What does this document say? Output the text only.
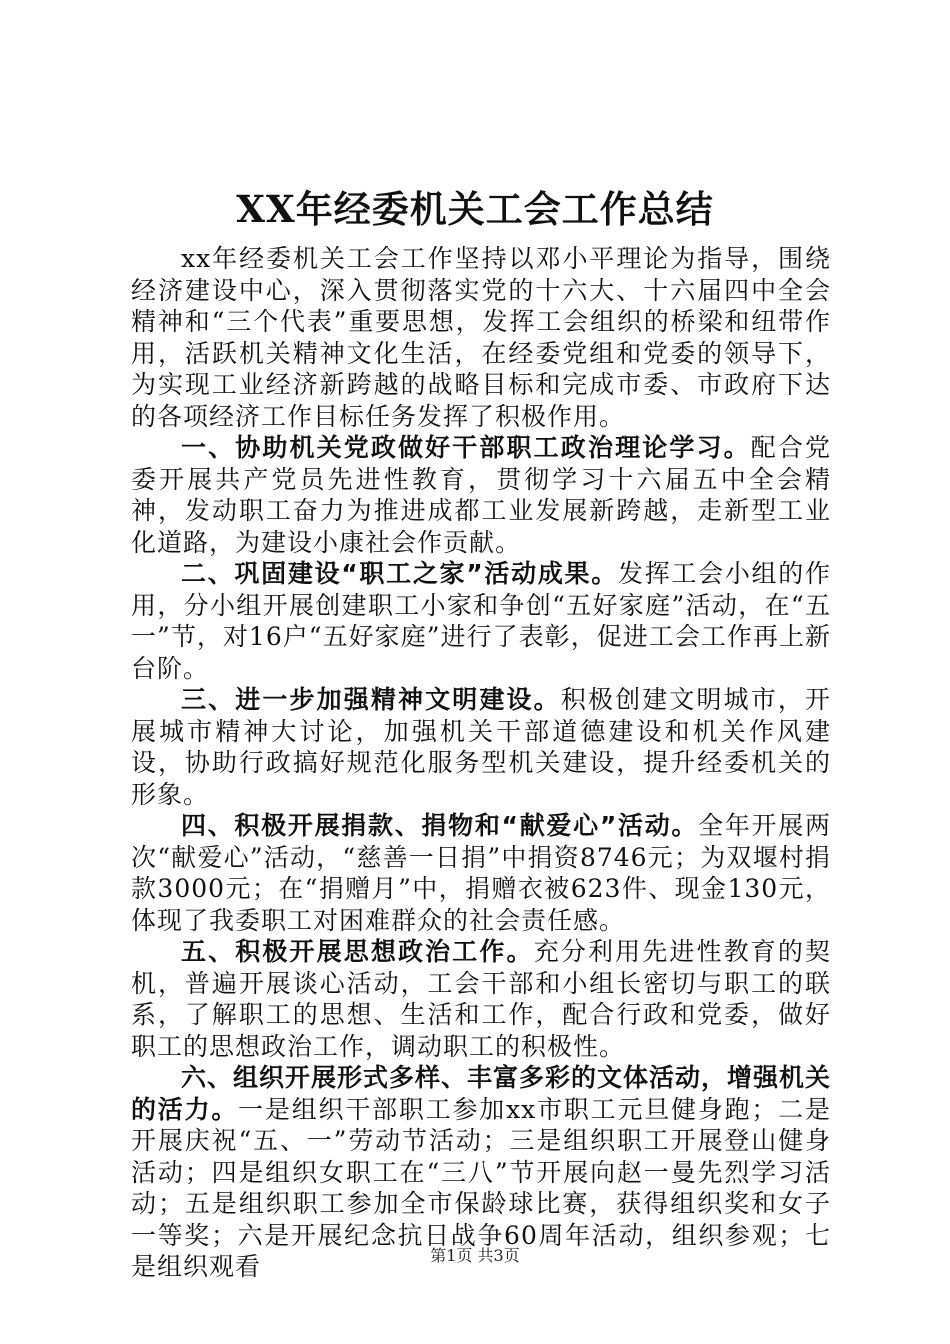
XX年经委机关工会工作总结

xx年经委机关工会工作坚持以邓小平理论为指导，围绕经济建设中心，深入贯彻落实党的十六大、十六届四中全会精神和“三个代表”重要思想，发挥工会组织的桥梁和纽带作用，活跃机关精神文化生活，在经委党组和党委的领导下，为实现工业经济新跨越的战略目标和完成市委、市政府下达的各项经济工作目标任务发挥了积极作用。

一、协助机关党政做好干部职工政治理论学习。配合党委开展共产党员先进性教育，贯彻学习十六届五中全会精神，发动职工奋力为推进成都工业发展新跨越，走新型工业化道路，为建设小康社会作贡献。

二、巩固建设“职工之家”活动成果。发挥工会小组的作用，分小组开展创建职工小家和争创“五好家庭”活动，在“五一”节，对16户“五好家庭”进行了表彰，促进工会工作再上新台阶。

三、进一步加强精神文明建设。积极创建文明城市，开展城市精神大讨论，加强机关干部道德建设和机关作风建设，协助行政搞好规范化服务型机关建设，提升经委机关的形象。

四、积极开展捐款、捐物和“献爱心”活动。全年开展两次“献爱心”活动，“慈善一日捐”中捐资8746元；为双堰村捐款3000元；在“捐赠月”中，捐赠衣被623件、现金130元，体现了我委职工对困难群众的社会责任感。

五、积极开展思想政治工作。充分利用先进性教育的契机，普遍开展谈心活动，工会干部和小组长密切与职工的联系，了解职工的思想、生活和工作，配合行政和党委，做好职工的思想政治工作，调动职工的积极性。

六、组织开展形式多样、丰富多彩的文体活动，增强机关的活力。一是组织干部职工参加xx市职工元旦健身跑；二是开展庆祝“五、一”劳动节活动；三是组织职工开展登山健身活动；四是组织女职工在“三八”节开展向赵一曼先烈学习活动；五是组织职工参加全市保龄球比赛，获得组织奖和女子一等奖；六是开展纪念抗日战争60周年活动，组织参观；七是组织观看	第1页 共3页
